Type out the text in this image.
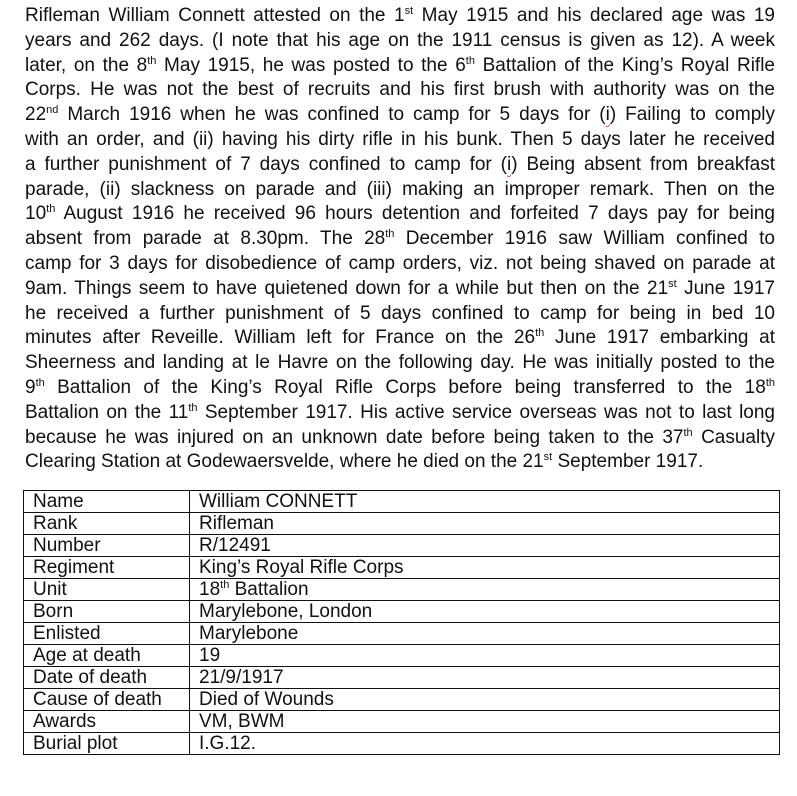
Rifleman William Connett attested on the 1st May 1915 and his declared age was 19
years and 262 days. (I note that his age on the 1911 census is given as 12). A week
later, on the 8th May 1915, he was posted to the 6th Battalion of the King’s Royal Rifle
Corps. He was not the best of recruits and his first brush with authority was on the
22nd March 1916 when he was confined to camp for 5 days for (i) Failing to comply
with an order, and (ii) having his dirty rifle in his bunk. Then 5 days later he received
a further punishment of 7 days confined to camp for (i) Being absent from breakfast
parade, (ii) slackness on parade and (iii) making an improper remark. Then on the
10th August 1916 he received 96 hours detention and forfeited 7 days pay for being
absent from parade at 8.30pm. The 28th December 1916 saw William confined to
camp for 3 days for disobedience of camp orders, viz. not being shaved on parade at
9am. Things seem to have quietened down for a while but then on the 21st June 1917
he received a further punishment of 5 days confined to camp for being in bed 10
minutes after Reveille. William left for France on the 26th June 1917 embarking at
Sheerness and landing at le Havre on the following day. He was initially posted to the
9th Battalion of the King’s Royal Rifle Corps before being transferred to the 18th
Battalion on the 11th September 1917. His active service overseas was not to last long
because he was injured on an unknown date before being taken to the 37th Casualty
Clearing Station at Godewaersvelde, where he died on the 21st September 1917.
Name	William CONNETT
Rank	Rifleman
Number	R/12491
Regiment	King’s Royal Rifle Corps
Unit	18th Battalion
Born	Marylebone, London
Enlisted	Marylebone
Age at death	19
Date of death	21/9/1917
Cause of death	Died of Wounds
Awards	VM, BWM
Burial plot	I.G.12.
